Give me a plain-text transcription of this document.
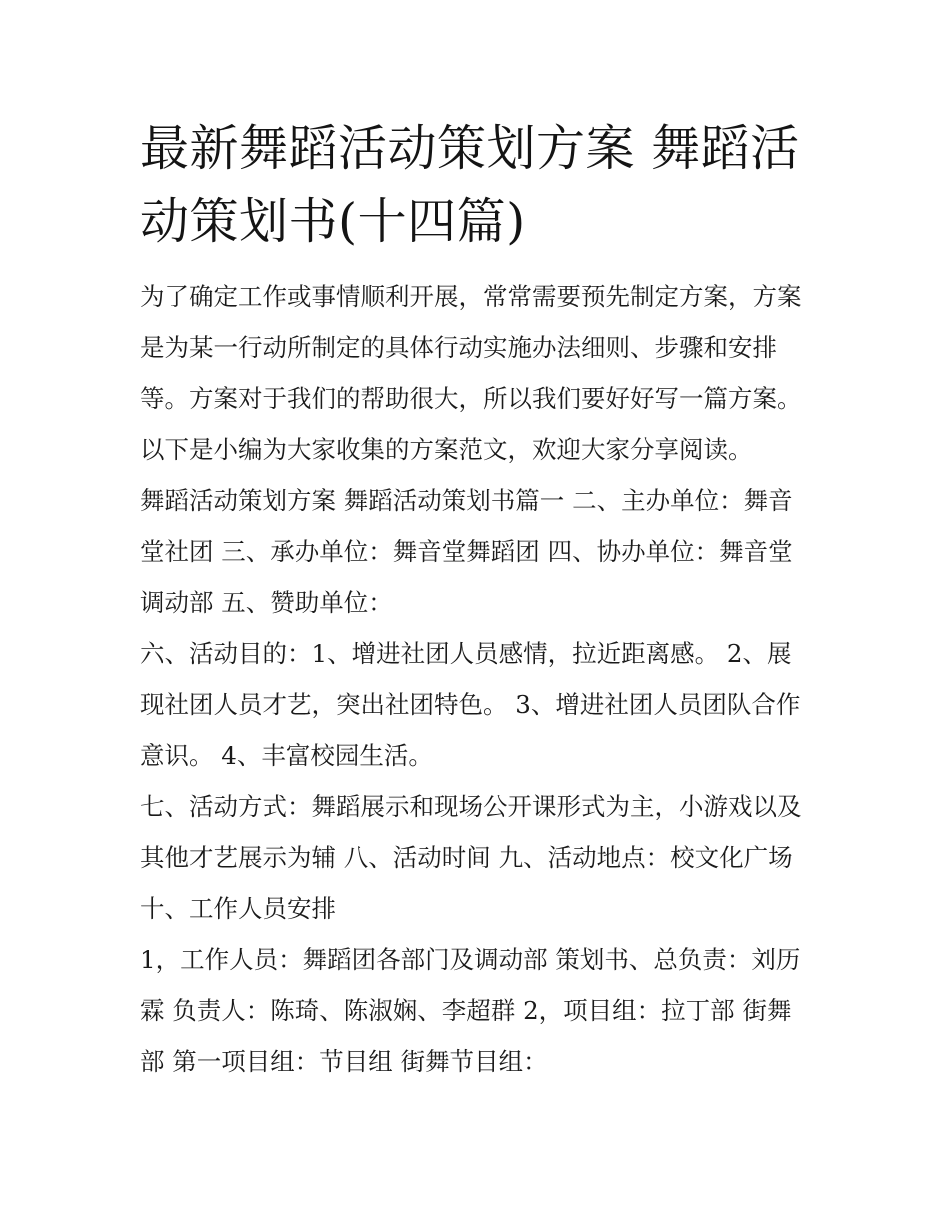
最新舞蹈活动策划方案 舞蹈活
动策划书(十四篇)
为了确定工作或事情顺利开展，常常需要预先制定方案，方案
是为某一行动所制定的具体行动实施办法细则、步骤和安排
等。方案对于我们的帮助很大，所以我们要好好写一篇方案。
以下是小编为大家收集的方案范文，欢迎大家分享阅读。
舞蹈活动策划方案 舞蹈活动策划书篇一 二、主办单位：舞音
堂社团 三、承办单位：舞音堂舞蹈团 四、协办单位：舞音堂
调动部 五、赞助单位：
六、活动目的：1、增进社团人员感情，拉近距离感。 2、展
现社团人员才艺，突出社团特色。 3、增进社团人员团队合作
意识。 4、丰富校园生活。
七、活动方式：舞蹈展示和现场公开课形式为主，小游戏以及
其他才艺展示为辅 八、活动时间 九、活动地点：校文化广场
十、工作人员安排
1，工作人员：舞蹈团各部门及调动部 策划书、总负责：刘历
霖 负责人：陈琦、陈淑娴、李超群 2，项目组：拉丁部 街舞
部 第一项目组：节目组 街舞节目组：
